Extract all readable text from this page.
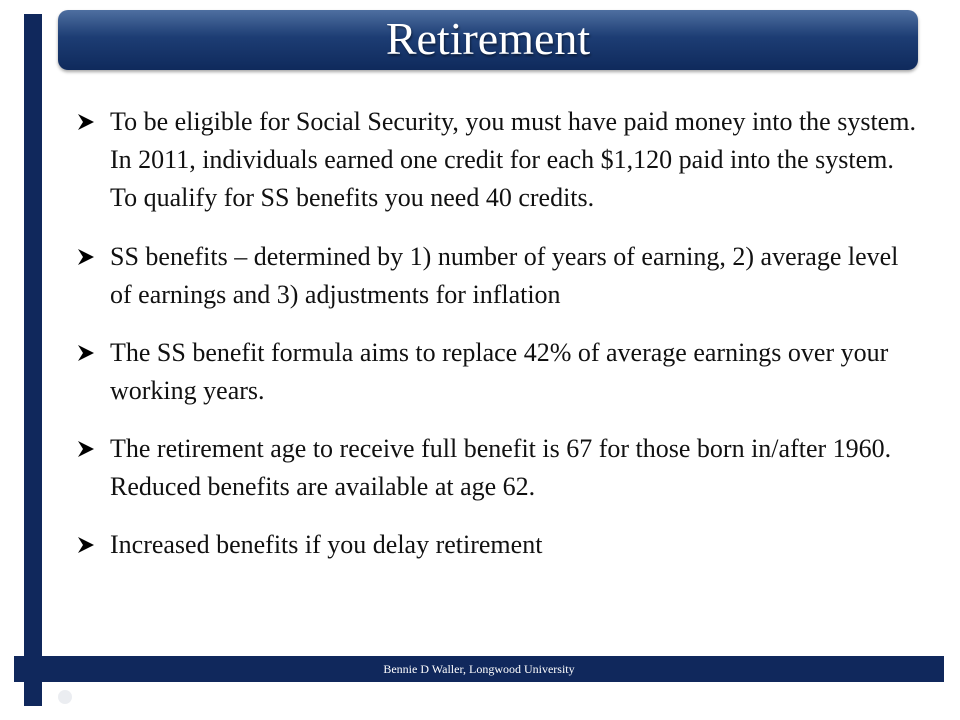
Retirement
To be eligible for Social Security, you must have paid money into the system. In 2011, individuals earned one credit for each $1,120 paid into the system. To qualify for SS benefits you need 40 credits.
SS benefits – determined by 1) number of years of earning, 2) average level of earnings and 3) adjustments for inflation
The SS benefit formula aims to replace 42% of average earnings over your working years.
The retirement age to receive full benefit is 67 for those born in/after 1960. Reduced benefits are available at age 62.
Increased benefits if you delay retirement
Bennie D Waller, Longwood University
